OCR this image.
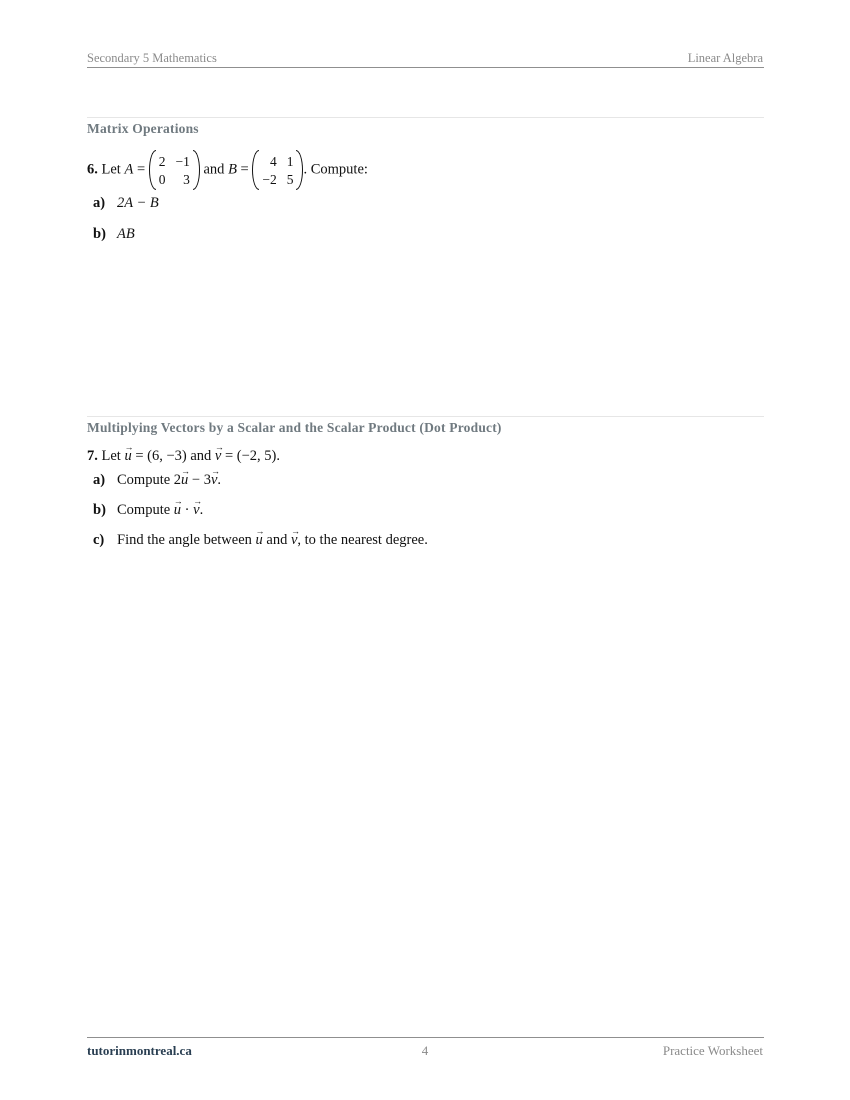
Secondary 5 Mathematics	Linear Algebra
Matrix Operations
6. Let A =
2 −1
0	3
and B =
4 1
−2 5
. Compute:
a) 2A − B
b) AB
Multiplying Vectors by a Scalar and the Scalar Product (Dot Product)
7. Let → u = (6, −3) and → v = (−2, 5).
a) Compute 2→ u − 3→ v.
b) Compute → u · → v.
c) Find the angle between → u and → v, to the nearest degree.
tutorinmontreal.ca	4	Practice Worksheet
